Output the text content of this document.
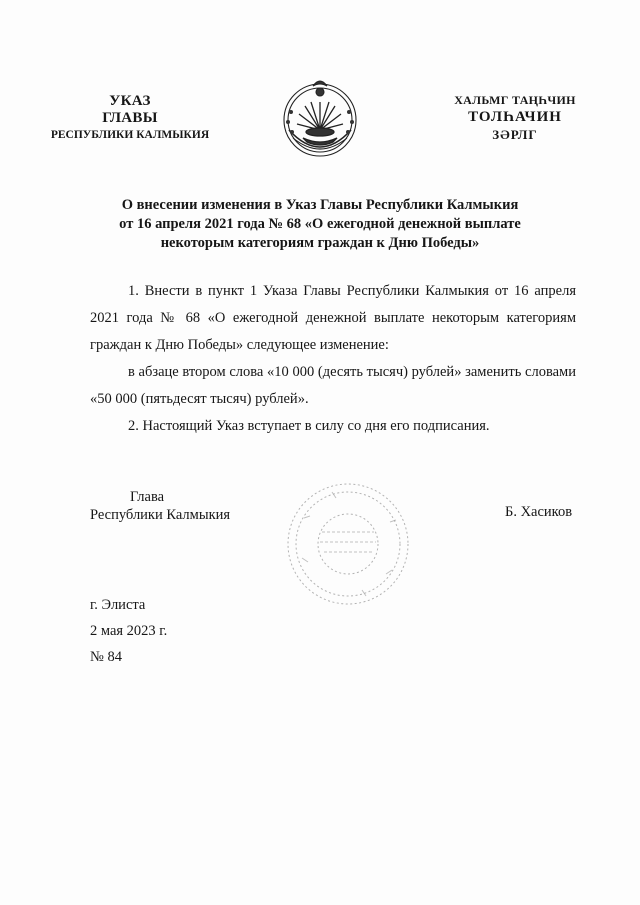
УКАЗ
ГЛАВЫ
РЕСПУБЛИКИ КАЛМЫКИЯ
ХАЛЬМГ ТАҢҺЧИН
ТОЛҺАЧИН
ЗӘРЛГ
О внесении изменения в Указ Главы Республики Калмыкия
от 16 апреля 2021 года № 68 «О ежегодной денежной выплате
некоторым категориям граждан к Дню Победы»

1. Внести в пункт 1 Указа Главы Республики Калмыкия от 16 апреля 2021 года № 68 «О ежегодной денежной выплате некоторым категориям граждан к Дню Победы» следующее изменение:

в абзаце втором слова «10 000 (десять тысяч) рублей» заменить словами «50 000 (пятьдесят тысяч) рублей».

2. Настоящий Указ вступает в силу со дня его подписания.

Глава
Республики Калмыкия	Б. Хасиков
г. Элиста
2 мая 2023 г.
№ 84
